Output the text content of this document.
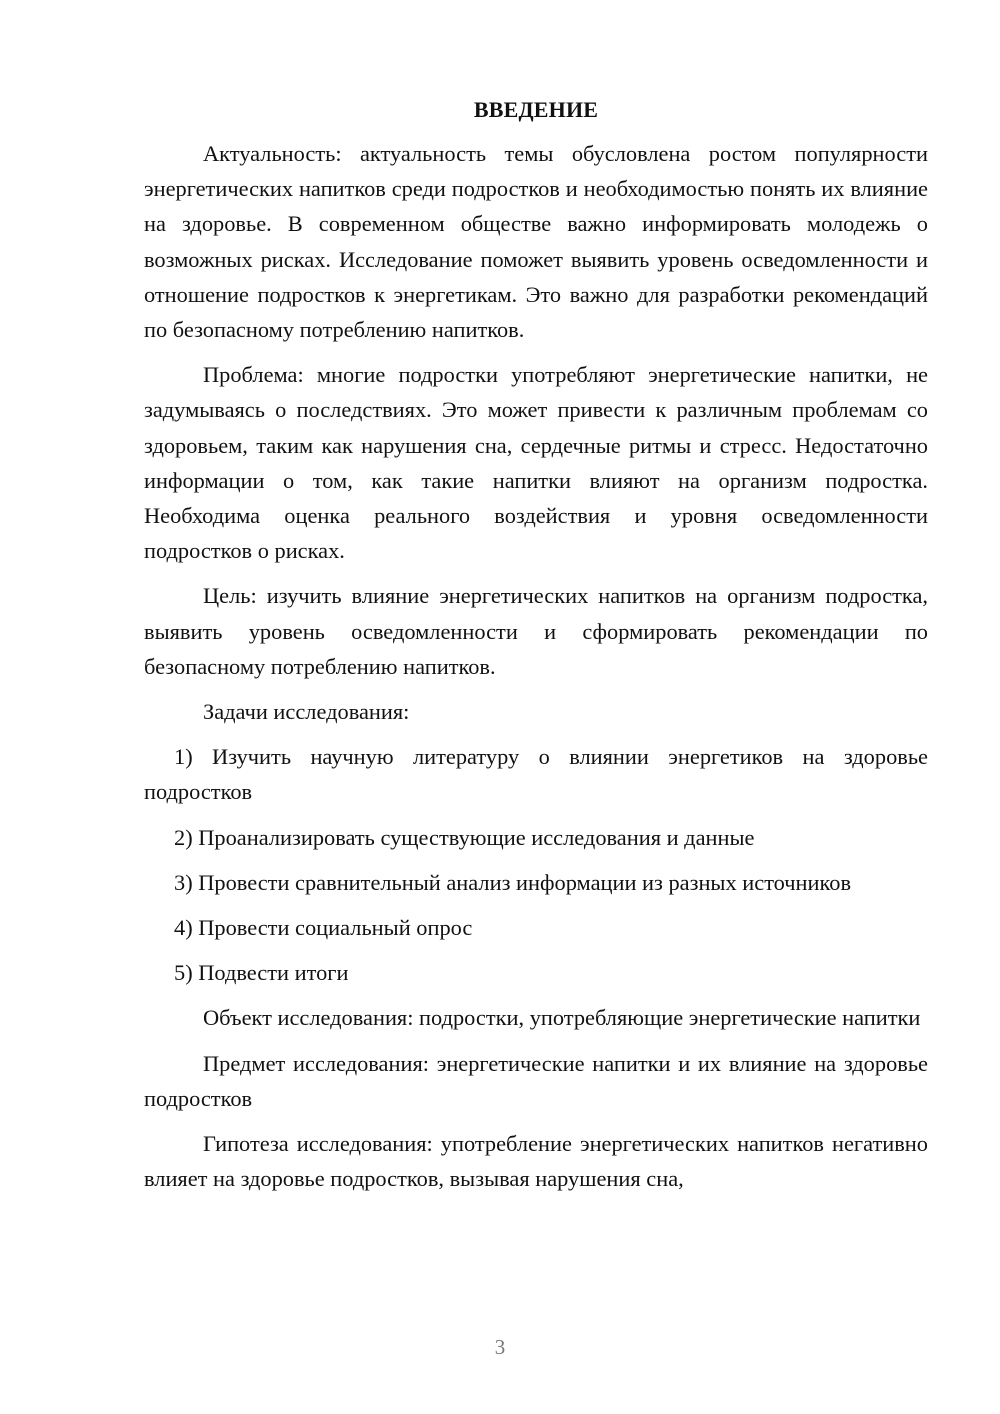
ВВЕДЕНИЕ

Актуальность: актуальность темы обусловлена ростом популярности энергетических напитков среди подростков и необходимостью понять их влияние на здоровье. В современном обществе важно информировать молодежь о возможных рисках. Исследование поможет выявить уровень осведомленности и отношение подростков к энергетикам. Это важно для разработки рекомендаций по безопасному потреблению напитков.

Проблема: многие подростки употребляют энергетические напитки, не задумываясь о последствиях. Это может привести к различным проблемам со здоровьем, таким как нарушения сна, сердечные ритмы и стресс. Недостаточно информации о том, как такие напитки влияют на организм подростка. Необходима оценка реального воздействия и уровня осведомленности подростков о рисках.

Цель: изучить влияние энергетических напитков на организм подростка, выявить уровень осведомленности и сформировать рекомендации по безопасному потреблению напитков.

Задачи исследования:

1) Изучить научную литературу о влиянии энергетиков на здоровье подростков

2) Проанализировать существующие исследования и данные

3) Провести сравнительный анализ информации из разных источников

4) Провести социальный опрос

5) Подвести итоги

Объект исследования: подростки, употребляющие энергетические напитки

Предмет исследования: энергетические напитки и их влияние на здоровье подростков

Гипотеза исследования: употребление энергетических напитков негативно влияет на здоровье подростков, вызывая нарушения сна,

3
